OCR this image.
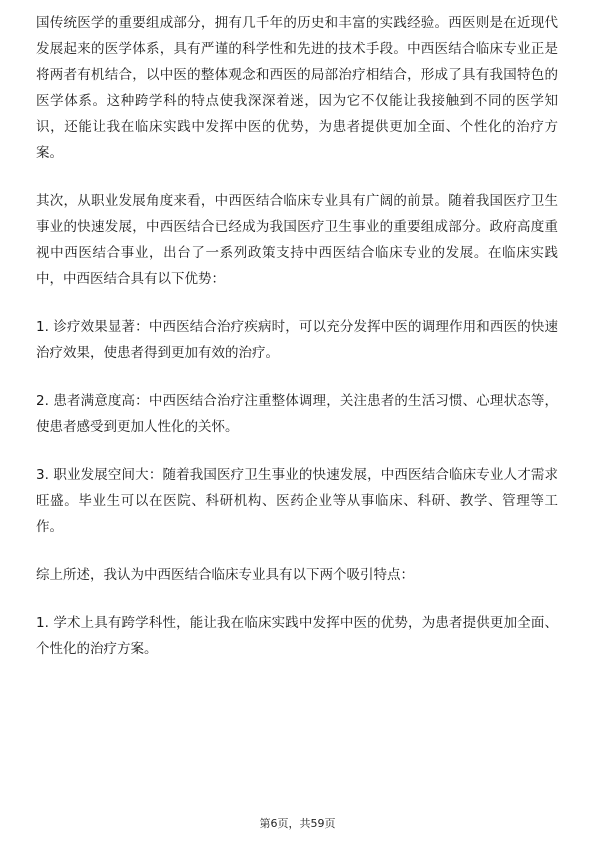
国传统医学的重要组成部分，拥有几千年的历史和丰富的实践经验。西医则是在近现代发展起来的医学体系，具有严谨的科学性和先进的技术手段。中西医结合临床专业正是将两者有机结合，以中医的整体观念和西医的局部治疗相结合，形成了具有我国特色的医学体系。这种跨学科的特点使我深深着迷，因为它不仅能让我接触到不同的医学知识，还能让我在临床实践中发挥中医的优势，为患者提供更加全面、个性化的治疗方案。

其次，从职业发展角度来看，中西医结合临床专业具有广阔的前景。随着我国医疗卫生事业的快速发展，中西医结合已经成为我国医疗卫生事业的重要组成部分。政府高度重视中西医结合事业，出台了一系列政策支持中西医结合临床专业的发展。在临床实践中，中西医结合具有以下优势：

1. 诊疗效果显著：中西医结合治疗疾病时，可以充分发挥中医的调理作用和西医的快速治疗效果，使患者得到更加有效的治疗。

2. 患者满意度高：中西医结合治疗注重整体调理，关注患者的生活习惯、心理状态等，使患者感受到更加人性化的关怀。

3. 职业发展空间大：随着我国医疗卫生事业的快速发展，中西医结合临床专业人才需求旺盛。毕业生可以在医院、科研机构、医药企业等从事临床、科研、教学、管理等工作。

综上所述，我认为中西医结合临床专业具有以下两个吸引特点：

1. 学术上具有跨学科性，能让我在临床实践中发挥中医的优势，为患者提供更加全面、个性化的治疗方案。

第6页，共59页
